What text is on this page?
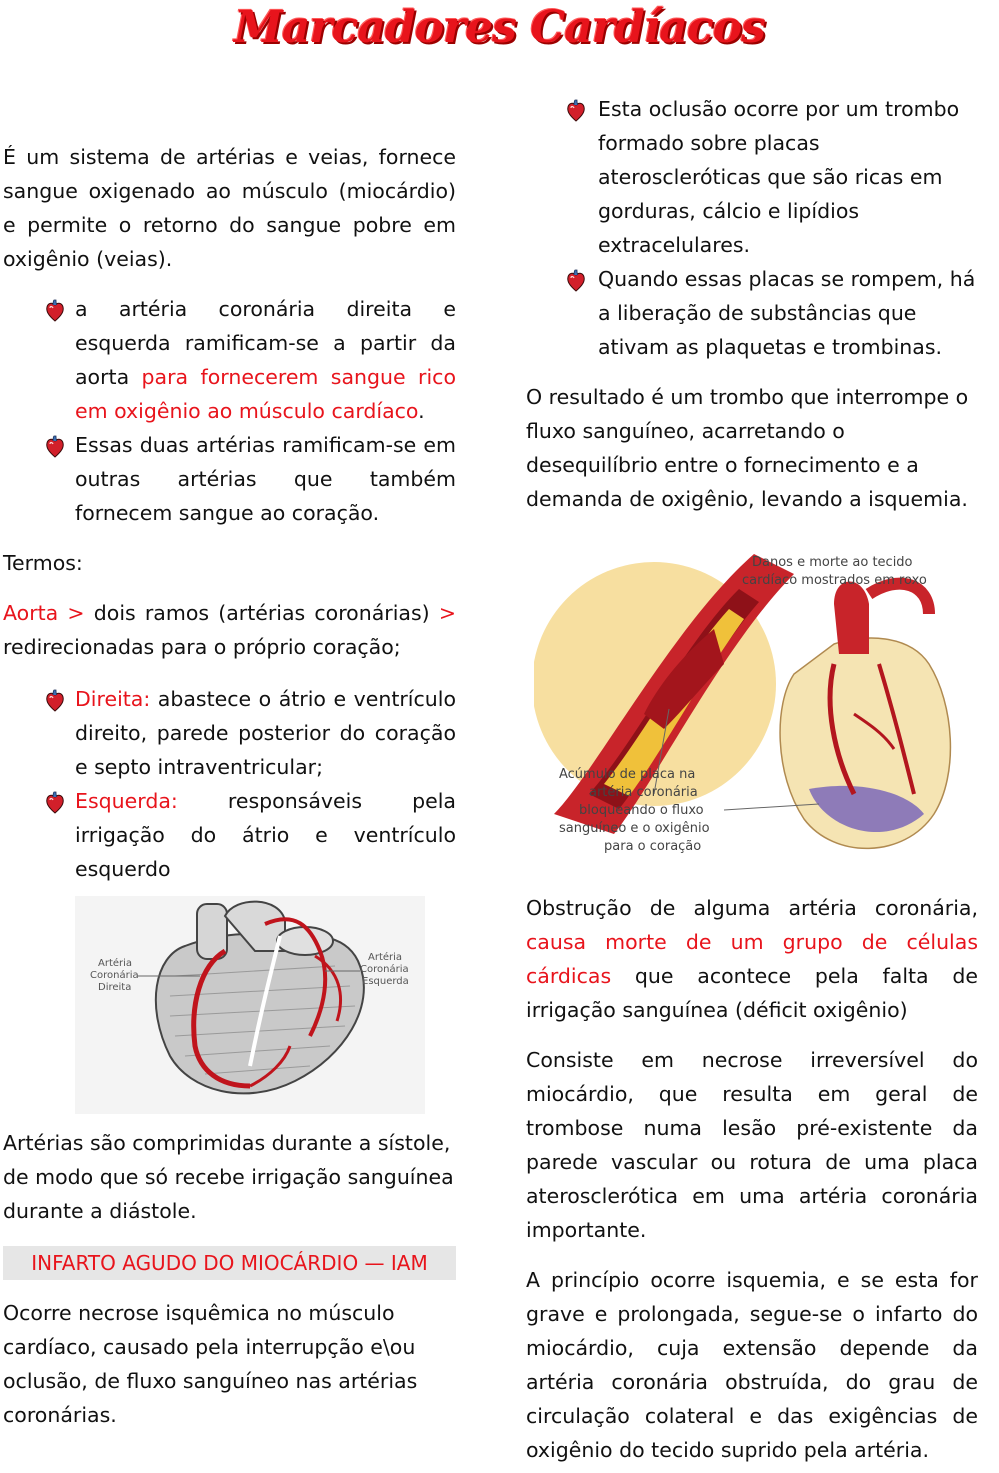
Marcadores Cardíacos

É um sistema de artérias e veias, fornece sangue oxigenado ao músculo (miocárdio) e permite o retorno do sangue pobre em oxigênio (veias).

a artéria coronária direita e esquerda ramificam-se a partir da aorta para fornecerem sangue rico em oxigênio ao músculo cardíaco.

Essas duas artérias ramificam-se em outras artérias que também fornecem sangue ao coração.

Termos:

Aorta > dois ramos (artérias coronárias) > redirecionadas para o próprio coração;

Direita: abastece o átrio e ventrículo direito, parede posterior do coração e septo intraventricular;

Esquerda: responsáveis pela irrigação do átrio e ventrículo esquerdo

Artéria
Coronária
Direita
Artéria
Coronária
Esquerda

Artérias são comprimidas durante a sístole, de modo que só recebe irrigação sanguínea durante a diástole.

INFARTO AGUDO DO MIOCÁRDIO — IAM

Ocorre necrose isquêmica no músculo cardíaco, causado pela interrupção e\ou oclusão, de fluxo sanguíneo nas artérias coronárias.

Esta oclusão ocorre por um trombo formado sobre placas ateroscleróticas que são ricas em gorduras, cálcio e lipídios extracelulares.

Quando essas placas se rompem, há a liberação de substâncias que ativam as plaquetas e trombinas.

O resultado é um trombo que interrompe o fluxo sanguíneo, acarretando o desequilíbrio entre o fornecimento e a demanda de oxigênio, levando a isquemia.

Danos e morte ao tecido
cardíaco mostrados em roxo
Acúmulo de placa na
artéria coronária
bloqueando o fluxo
sanguíneo e o oxigênio
para o coração

Obstrução de alguma artéria coronária, causa morte de um grupo de células cárdicas que acontece pela falta de irrigação sanguínea (déficit oxigênio)

Consiste em necrose irreversível do miocárdio, que resulta em geral de trombose numa lesão pré-existente da parede vascular ou rotura de uma placa aterosclerótica em uma artéria coronária importante.

A princípio ocorre isquemia, e se esta for grave e prolongada, segue-se o infarto do miocárdio, cuja extensão depende da artéria coronária obstruída, do grau de circulação colateral e das exigências de oxigênio do tecido suprido pela artéria.
